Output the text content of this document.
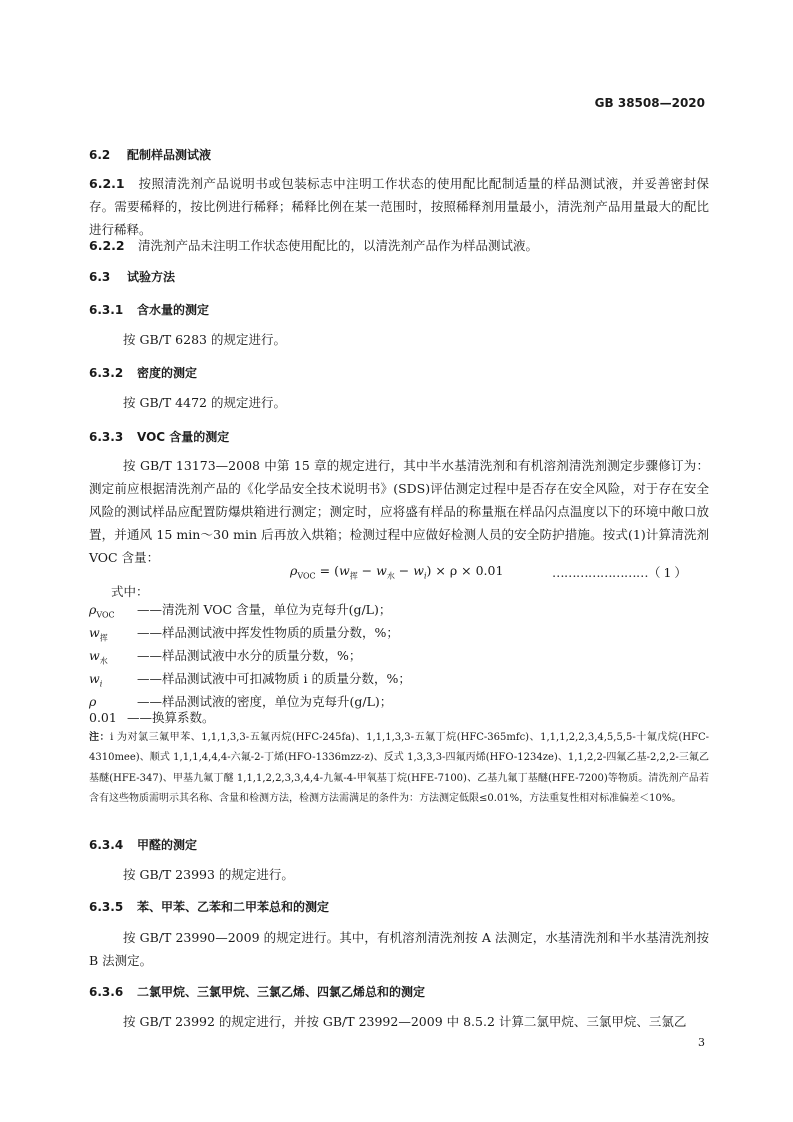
GB 38508—2020
6.2 配制样品测试液
6.2.1 按照清洗剂产品说明书或包装标志中注明工作状态的使用配比配制适量的样品测试液，并妥善密封保存。需要稀释的，按比例进行稀释；稀释比例在某一范围时，按照稀释剂用量最小，清洗剂产品用量最大的配比进行稀释。
6.2.2 清洗剂产品未注明工作状态使用配比的，以清洗剂产品作为样品测试液。
6.3 试验方法
6.3.1 含水量的测定
按 GB/T 6283 的规定进行。
6.3.2 密度的测定
按 GB/T 4472 的规定进行。
6.3.3 VOC 含量的测定
按 GB/T 13173—2008 中第 15 章的规定进行，其中半水基清洗剂和有机溶剂清洗剂测定步骤修订为：测定前应根据清洗剂产品的《化学品安全技术说明书》(SDS)评估测定过程中是否存在安全风险，对于存在安全风险的测试样品应配置防爆烘箱进行测定；测定时，应将盛有样品的称量瓶在样品闪点温度以下的环境中敞口放置，并通风 15 min～30 min 后再放入烘箱；检测过程中应做好检测人员的安全防护措施。按式(1)计算清洗剂 VOC 含量：
$\rho_{VOC} = (w_挥 - w_水 - w_i) \times \rho \times 0.01$	……………………（ 1 ）
式中：
$\rho_{VOC}$ ——清洗剂 VOC 含量，单位为克每升(g/L)；
$w_挥$ ——样品测试液中挥发性物质的质量分数，%；
$w_水$ ——样品测试液中水分的质量分数，%；
$w_i$	——样品测试液中可扣减物质 i 的质量分数，%；
ρ	——样品测试液的密度，单位为克每升(g/L)；
0.01 ——换算系数。
注：i 为对氯三氟甲苯、1,1,1,3,3-五氟丙烷(HFC-245fa)、1,1,1,3,3-五氟丁烷(HFC-365mfc)、1,1,1,2,2,3,4,5,5,5-十氟戊烷(HFC-4310mee)、顺式 1,1,1,4,4,4-六氟-2-丁烯(HFO-1336mzz-z)、反式 1,3,3,3-四氟丙烯(HFO-1234ze)、1,1,2,2-四氟乙基-2,2,2-三氟乙基醚(HFE-347)、甲基九氟丁醚 1,1,1,2,2,3,3,4,4-九氟-4-甲氧基丁烷(HFE-7100)、乙基九氟丁基醚(HFE-7200)等物质。清洗剂产品若含有这些物质需明示其名称、含量和检测方法，检测方法需满足的条件为：方法测定低限≤0.01%，方法重复性相对标准偏差＜10%。
6.3.4 甲醛的测定
按 GB/T 23993 的规定进行。
6.3.5 苯、甲苯、乙苯和二甲苯总和的测定
按 GB/T 23990—2009 的规定进行。其中，有机溶剂清洗剂按 A 法测定，水基清洗剂和半水基清洗剂按 B 法测定。
6.3.6 二氯甲烷、三氯甲烷、三氯乙烯、四氯乙烯总和的测定
按 GB/T 23992 的规定进行，并按 GB/T 23992—2009 中 8.5.2 计算二氯甲烷、三氯甲烷、三氯乙
3
